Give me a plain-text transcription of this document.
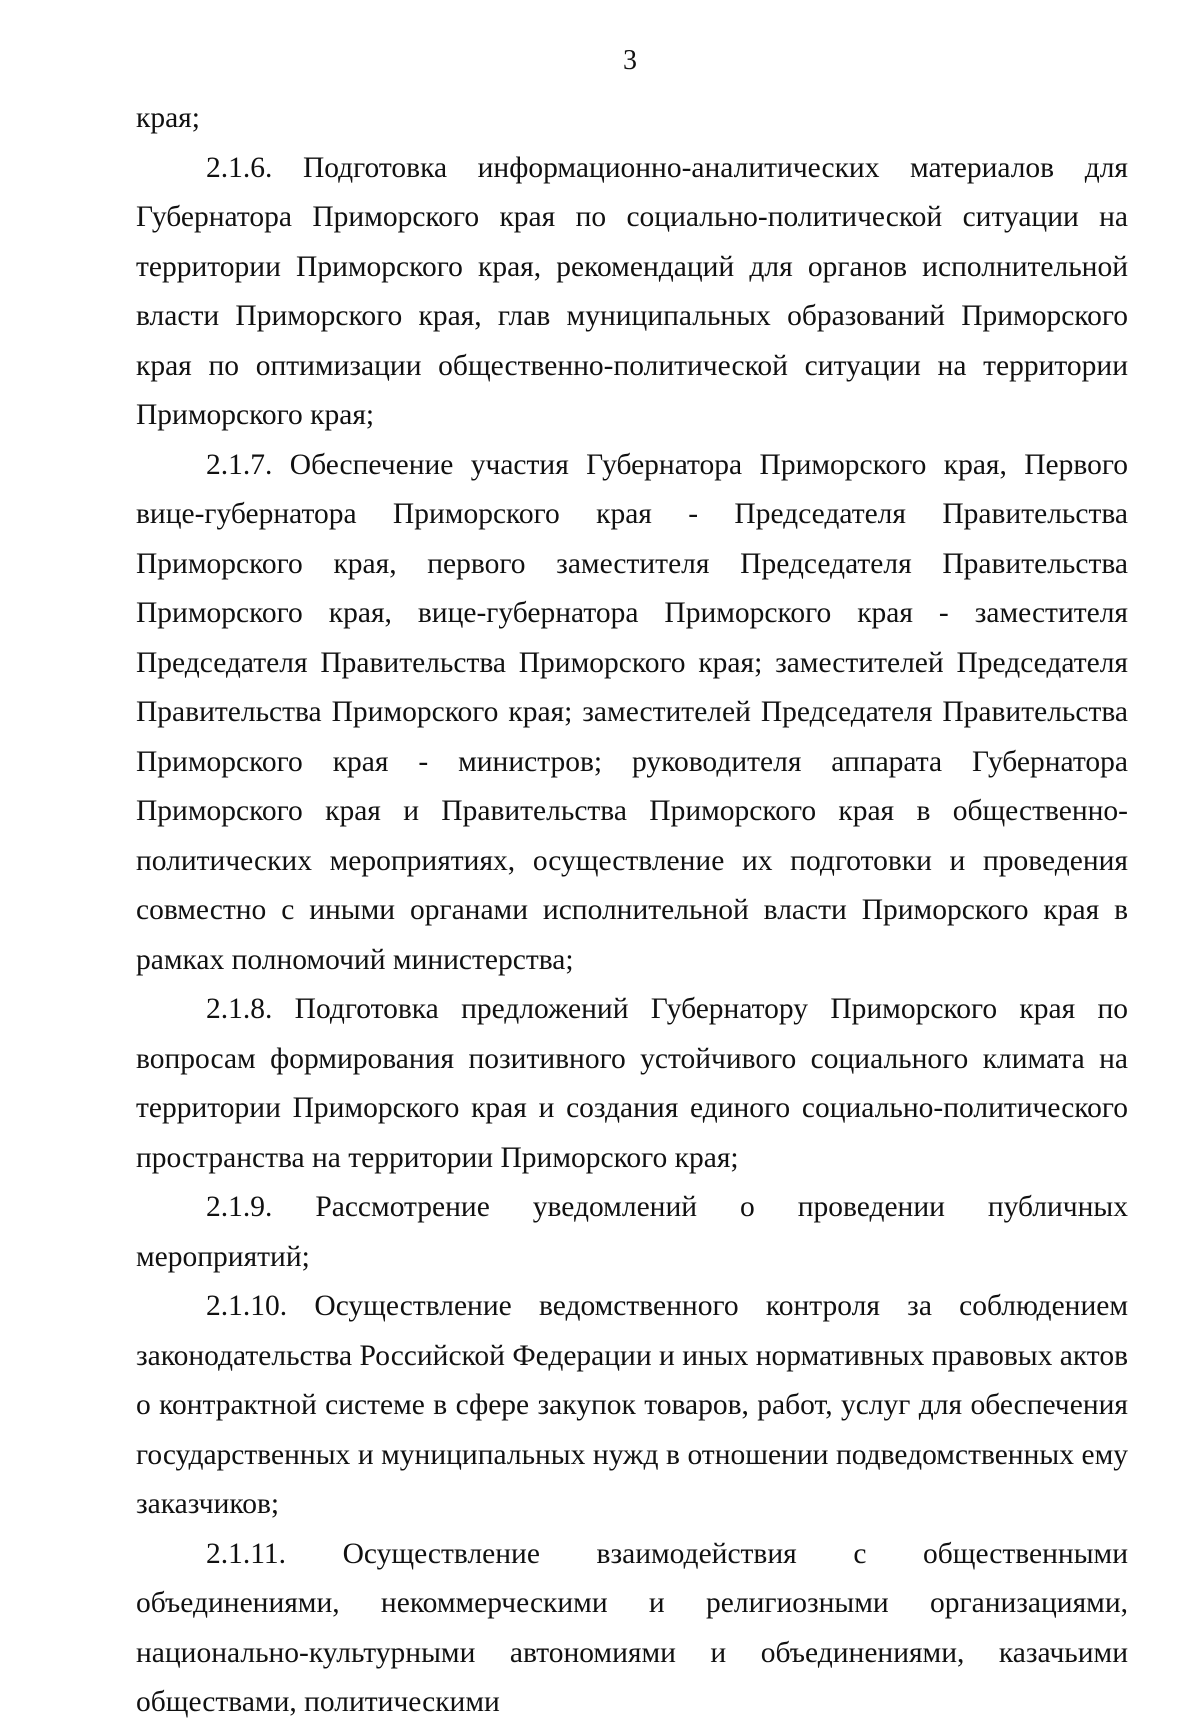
3

края;

2.1.6. Подготовка информационно-аналитических материалов для Губернатора Приморского края по социально-политической ситуации на территории Приморского края, рекомендаций для органов исполнительной власти Приморского края, глав муниципальных образований Приморского края по оптимизации общественно-политической ситуации на территории Приморского края;

2.1.7. Обеспечение участия Губернатора Приморского края, Первого вице-губернатора Приморского края - Председателя Правительства Приморского края, первого заместителя Председателя Правительства Приморского края, вице-губернатора Приморского края - заместителя Председателя Правительства Приморского края; заместителей Председателя Правительства Приморского края; заместителей Председателя Правительства Приморского края - министров; руководителя аппарата Губернатора Приморского края и Правительства Приморского края в общественно-политических мероприятиях, осуществление их подготовки и проведения совместно с иными органами исполнительной власти Приморского края в рамках полномочий министерства;

2.1.8. Подготовка предложений Губернатору Приморского края по вопросам формирования позитивного устойчивого социального климата на территории Приморского края и создания единого социально-политического пространства на территории Приморского края;

2.1.9. Рассмотрение уведомлений о проведении публичных мероприятий;

2.1.10. Осуществление ведомственного контроля за соблюдением законодательства Российской Федерации и иных нормативных правовых актов о контрактной системе в сфере закупок товаров, работ, услуг для обеспечения государственных и муниципальных нужд в отношении подведомственных ему заказчиков;

2.1.11. Осуществление взаимодействия с общественными объединениями, некоммерческими и религиозными организациями, национально-культурными автономиями и объединениями, казачьими обществами, политическими
